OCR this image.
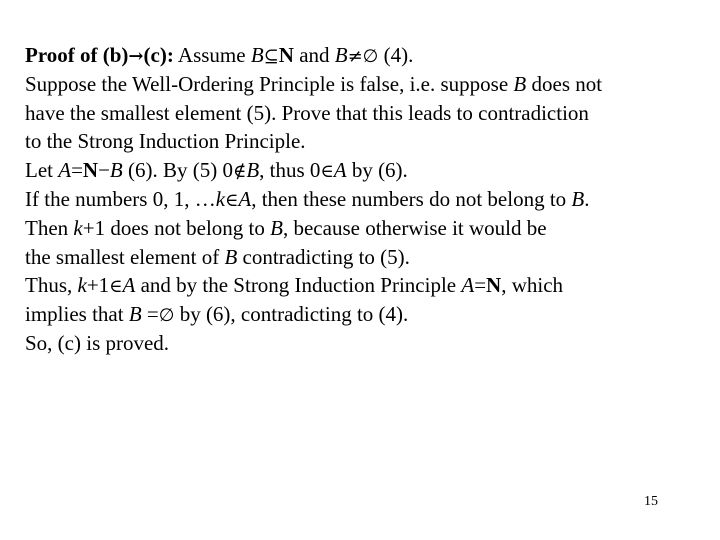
Proof of (b)→(c): Assume B⊆N and B≠∅ (4).
Suppose the Well-Ordering Principle is false, i.e. suppose B does not
have the smallest element (5). Prove that this leads to contradiction
to the Strong Induction Principle.
Let A=N−B (6). By (5) 0∉B, thus 0∈A by (6).
If the numbers 0, 1, …k∈A, then these numbers do not belong to B.
Then k+1 does not belong to B, because otherwise it would be
the smallest element of B contradicting to (5).
Thus, k+1∈A and by the Strong Induction Principle A=N, which
implies that B =∅ by (6), contradicting to (4).
So, (c) is proved.
15
